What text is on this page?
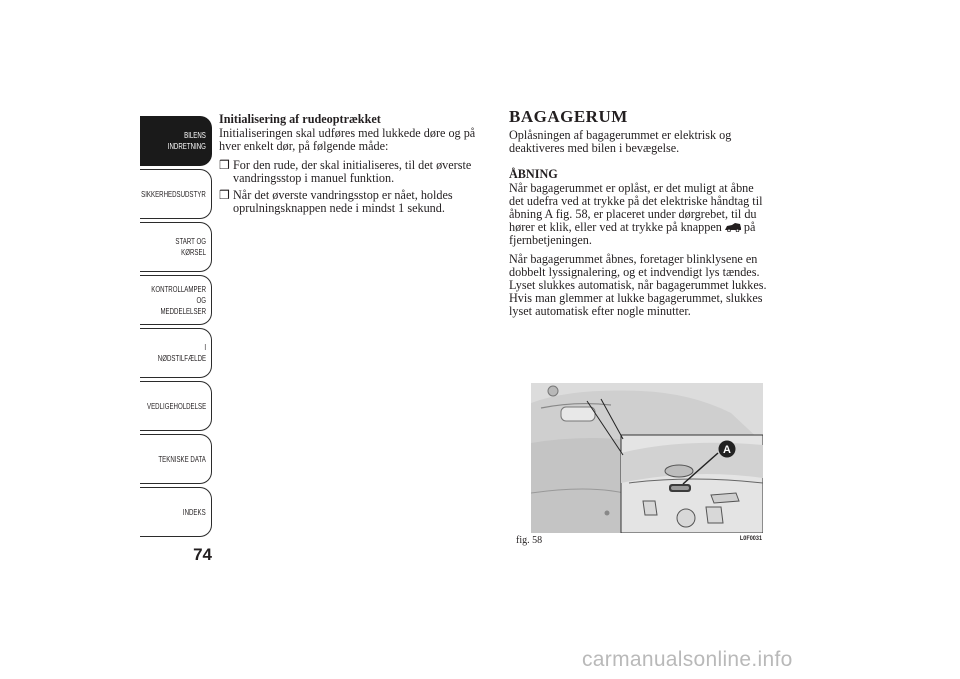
BILENS
INDRETNING
SIKKERHEDSUDSTYR
START OG KØRSEL
KONTROLLAMPER
OG MEDDELELSER
I NØDSTILFÆLDE
VEDLIGEHOLDELSE
TEKNISKE DATA
INDEKS
74
Initialisering af rudeoptrækket

Initialiseringen skal udføres med lukkede døre og på hver enkelt dør, på følgende måde:

❒ For den rude, der skal initialiseres, til det øverste vandringsstop i manuel funktion.
❒ Når det øverste vandringsstop er nået, holdes oprulningsknappen nede i mindst 1 sekund.
BAGAGERUM

Oplåsningen af bagagerummet er elektrisk og deaktiveres med bilen i bevægelse.

ÅBNING

Når bagagerummet er oplåst, er det muligt at åbne det udefra ved at trykke på det elektriske håndtag til åbning A fig. 58, er placeret under dørgrebet, til du hører et klik, eller ved at trykke på knappen på fjernbetjeningen.

Når bagagerummet åbnes, foretager blinklysene en dobbelt lyssignalering, og et indvendigt lys tændes. Lyset slukkes automatisk, når bagagerummet lukkes. Hvis man glemmer at lukke bagagerummet, slukkes lyset automatisk efter nogle minutter.

A
fig. 58	L0F0031
carmanualsonline.info
